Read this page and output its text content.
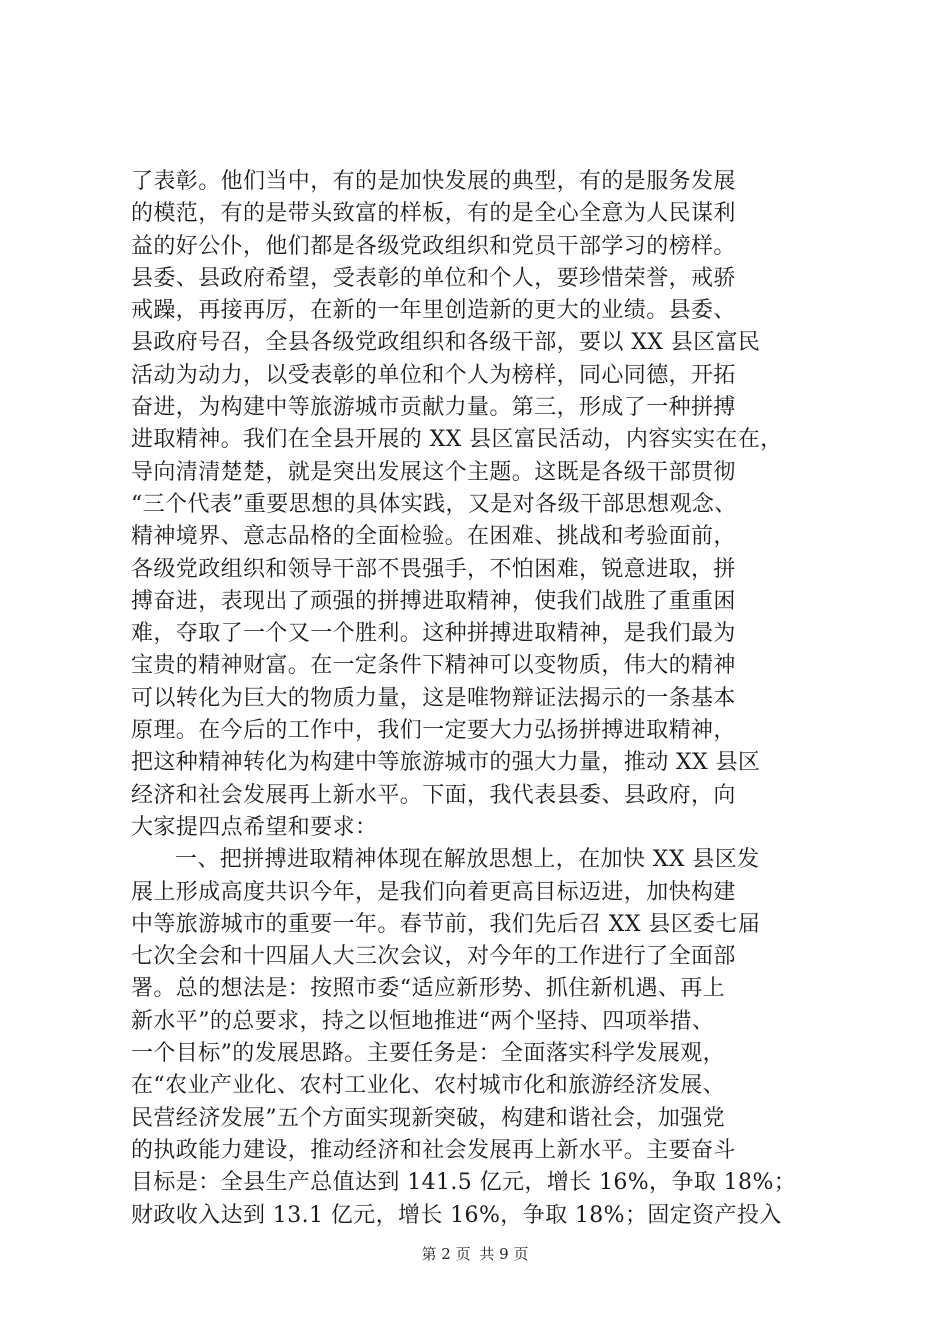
了表彰。他们当中，有的是加快发展的典型，有的是服务发展
的模范，有的是带头致富的样板，有的是全心全意为人民谋利
益的好公仆，他们都是各级党政组织和党员干部学习的榜样。
县委、县政府希望，受表彰的单位和个人，要珍惜荣誉，戒骄
戒躁，再接再厉，在新的一年里创造新的更大的业绩。县委、
县政府号召，全县各级党政组织和各级干部，要以 XX 县区富民
活动为动力，以受表彰的单位和个人为榜样，同心同德，开拓
奋进，为构建中等旅游城市贡献力量。第三，形成了一种拼搏
进取精神。我们在全县开展的 XX 县区富民活动，内容实实在在，
导向清清楚楚，就是突出发展这个主题。这既是各级干部贯彻
“三个代表”重要思想的具体实践，又是对各级干部思想观念、
精神境界、意志品格的全面检验。在困难、挑战和考验面前，
各级党政组织和领导干部不畏强手，不怕困难，锐意进取，拼
搏奋进，表现出了顽强的拼搏进取精神，使我们战胜了重重困
难，夺取了一个又一个胜利。这种拼搏进取精神，是我们最为
宝贵的精神财富。在一定条件下精神可以变物质，伟大的精神
可以转化为巨大的物质力量，这是唯物辩证法揭示的一条基本
原理。在今后的工作中，我们一定要大力弘扬拼搏进取精神，
把这种精神转化为构建中等旅游城市的强大力量，推动 XX 县区
经济和社会发展再上新水平。下面，我代表县委、县政府，向
大家提四点希望和要求：
一、把拼搏进取精神体现在解放思想上，在加快 XX 县区发
展上形成高度共识今年，是我们向着更高目标迈进，加快构建
中等旅游城市的重要一年。春节前，我们先后召 XX 县区委七届
七次全会和十四届人大三次会议，对今年的工作进行了全面部
署。总的想法是：按照市委“适应新形势、抓住新机遇、再上
新水平”的总要求，持之以恒地推进“两个坚持、四项举措、
一个目标”的发展思路。主要任务是：全面落实科学发展观，
在“农业产业化、农村工业化、农村城市化和旅游经济发展、
民营经济发展”五个方面实现新突破，构建和谐社会，加强党
的执政能力建设，推动经济和社会发展再上新水平。主要奋斗
目标是：全县生产总值达到 141.5 亿元，增长 16%，争取 18%；
财政收入达到 13.1 亿元，增长 16%，争取 18%；固定资产投入
第 2 页 共 9 页
